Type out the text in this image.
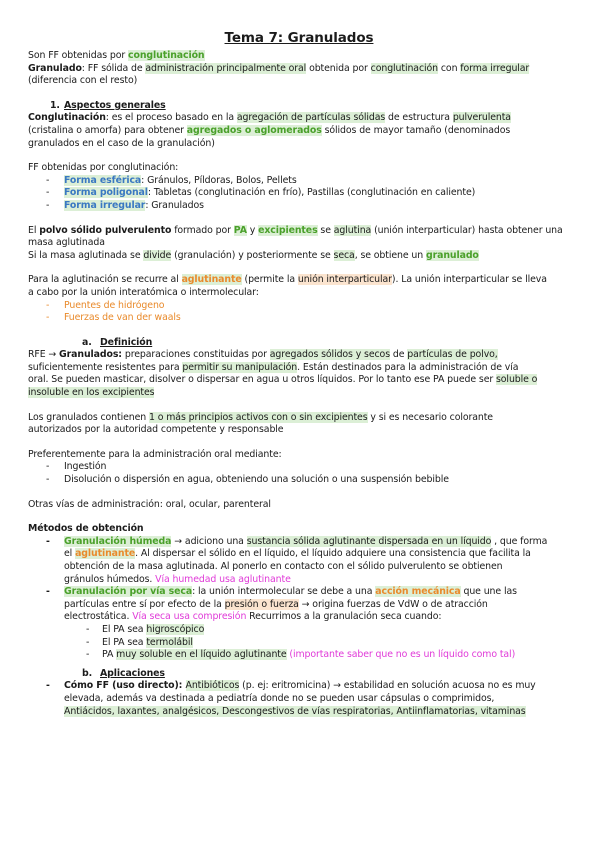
Tema 7: Granulados

Son FF obtenidas por conglutinación

Granulado: FF sólida de administración principalmente oral obtenida por conglutinación con forma irregular

(diferencia con el resto)

1. Aspectos generales

Conglutinación: es el proceso basado en la agregación de partículas sólidas de estructura pulverulenta

(cristalina o amorfa) para obtener agregados o aglomerados sólidos de mayor tamaño (denominados

granulados en el caso de la granulación)

FF obtenidas por conglutinación:

- Forma esférica: Gránulos, Píldoras, Bolos, Pellets
- Forma poligonal: Tabletas (conglutinación en frío), Pastillas (conglutinación en caliente)
- Forma irregular: Granulados

El polvo sólido pulverulento formado por PA y excipientes se aglutina (unión interparticular) hasta obtener una

masa aglutinada

Si la masa aglutinada se divide (granulación) y posteriormente se seca, se obtiene un granulado

Para la aglutinación se recurre al aglutinante (permite la unión interparticular). La unión interparticular se lleva

a cabo por la unión interatómica o intermolecular:

- Puentes de hidrógeno
- Fuerzas de van der waals

a. Definición

RFE → Granulados: preparaciones constituidas por agregados sólidos y secos de partículas de polvo,

suficientemente resistentes para permitir su manipulación. Están destinados para la administración de vía

oral. Se pueden masticar, disolver o dispersar en agua u otros líquidos. Por lo tanto ese PA puede ser soluble o

insoluble en los excipientes

Los granulados contienen 1 o más principios activos con o sin excipientes y si es necesario colorante

autorizados por la autoridad competente y responsable

Preferentemente para la administración oral mediante:

- Ingestión
- Disolución o dispersión en agua, obteniendo una solución o una suspensión bebible

Otras vías de administración: oral, ocular, parenteral

Métodos de obtención

- Granulación húmeda → adiciono una sustancia sólida aglutinante dispersada en un líquido , que forma
el aglutinante. Al dispersar el sólido en el líquido, el líquido adquiere una consistencia que facilita la
obtención de la masa aglutinada. Al ponerlo en contacto con el sólido pulverulento se obtienen
gránulos húmedos. Vía humedad usa aglutinante
- Granulación por vía seca: la unión intermolecular se debe a una acción mecánica que une las
partículas entre sí por efecto de la presión o fuerza → origina fuerzas de VdW o de atracción
electrostática. Vía seca usa compresión Recurrimos a la granulación seca cuando:
- El PA sea higroscópico
- El PA sea termolábil
- PA muy soluble en el líquido aglutinante (importante saber que no es un líquido como tal)

b. Aplicaciones

- Cómo FF (uso directo): Antibióticos (p. ej: eritromicina) → estabilidad en solución acuosa no es muy
elevada, además va destinada a pediatría donde no se pueden usar cápsulas o comprimidos,
Antiácidos, laxantes, analgésicos, Descongestivos de vías respiratorias, Antiinflamatorias, vitaminas
